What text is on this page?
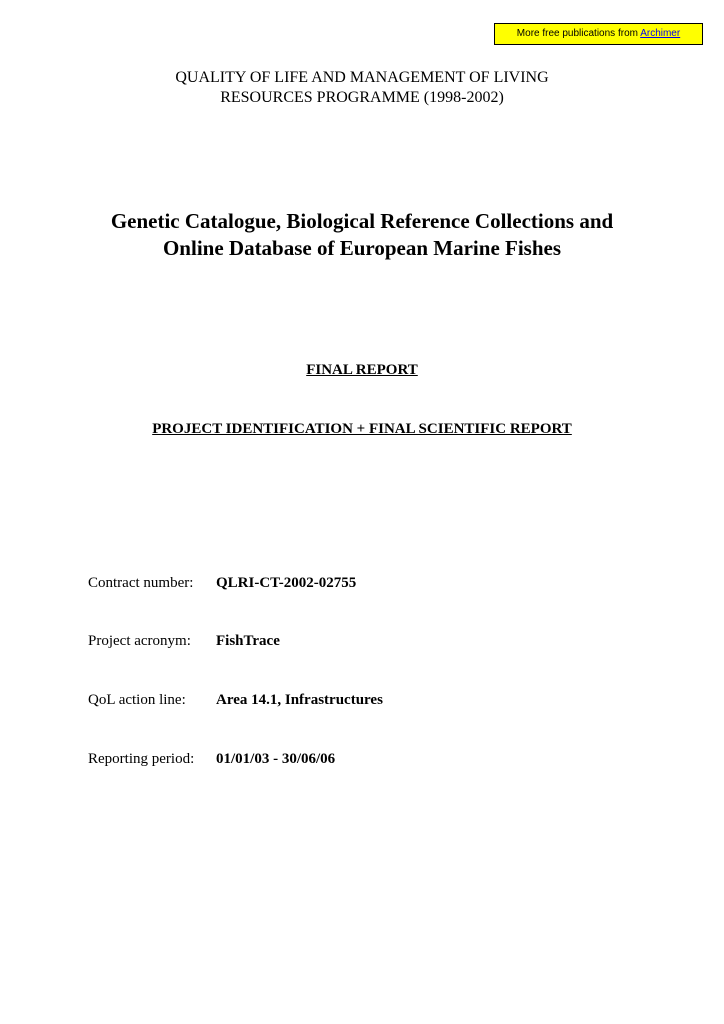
More free publications from Archimer
QUALITY OF LIFE AND MANAGEMENT OF LIVING
RESOURCES PROGRAMME (1998-2002)
Genetic Catalogue, Biological Reference Collections and
Online Database of European Marine Fishes
FINAL REPORT
PROJECT IDENTIFICATION + FINAL SCIENTIFIC REPORT
Contract number: QLRI-CT-2002-02755
Project acronym: FishTrace
QoL action line: Area 14.1, Infrastructures
Reporting period: 01/01/03 - 30/06/06
